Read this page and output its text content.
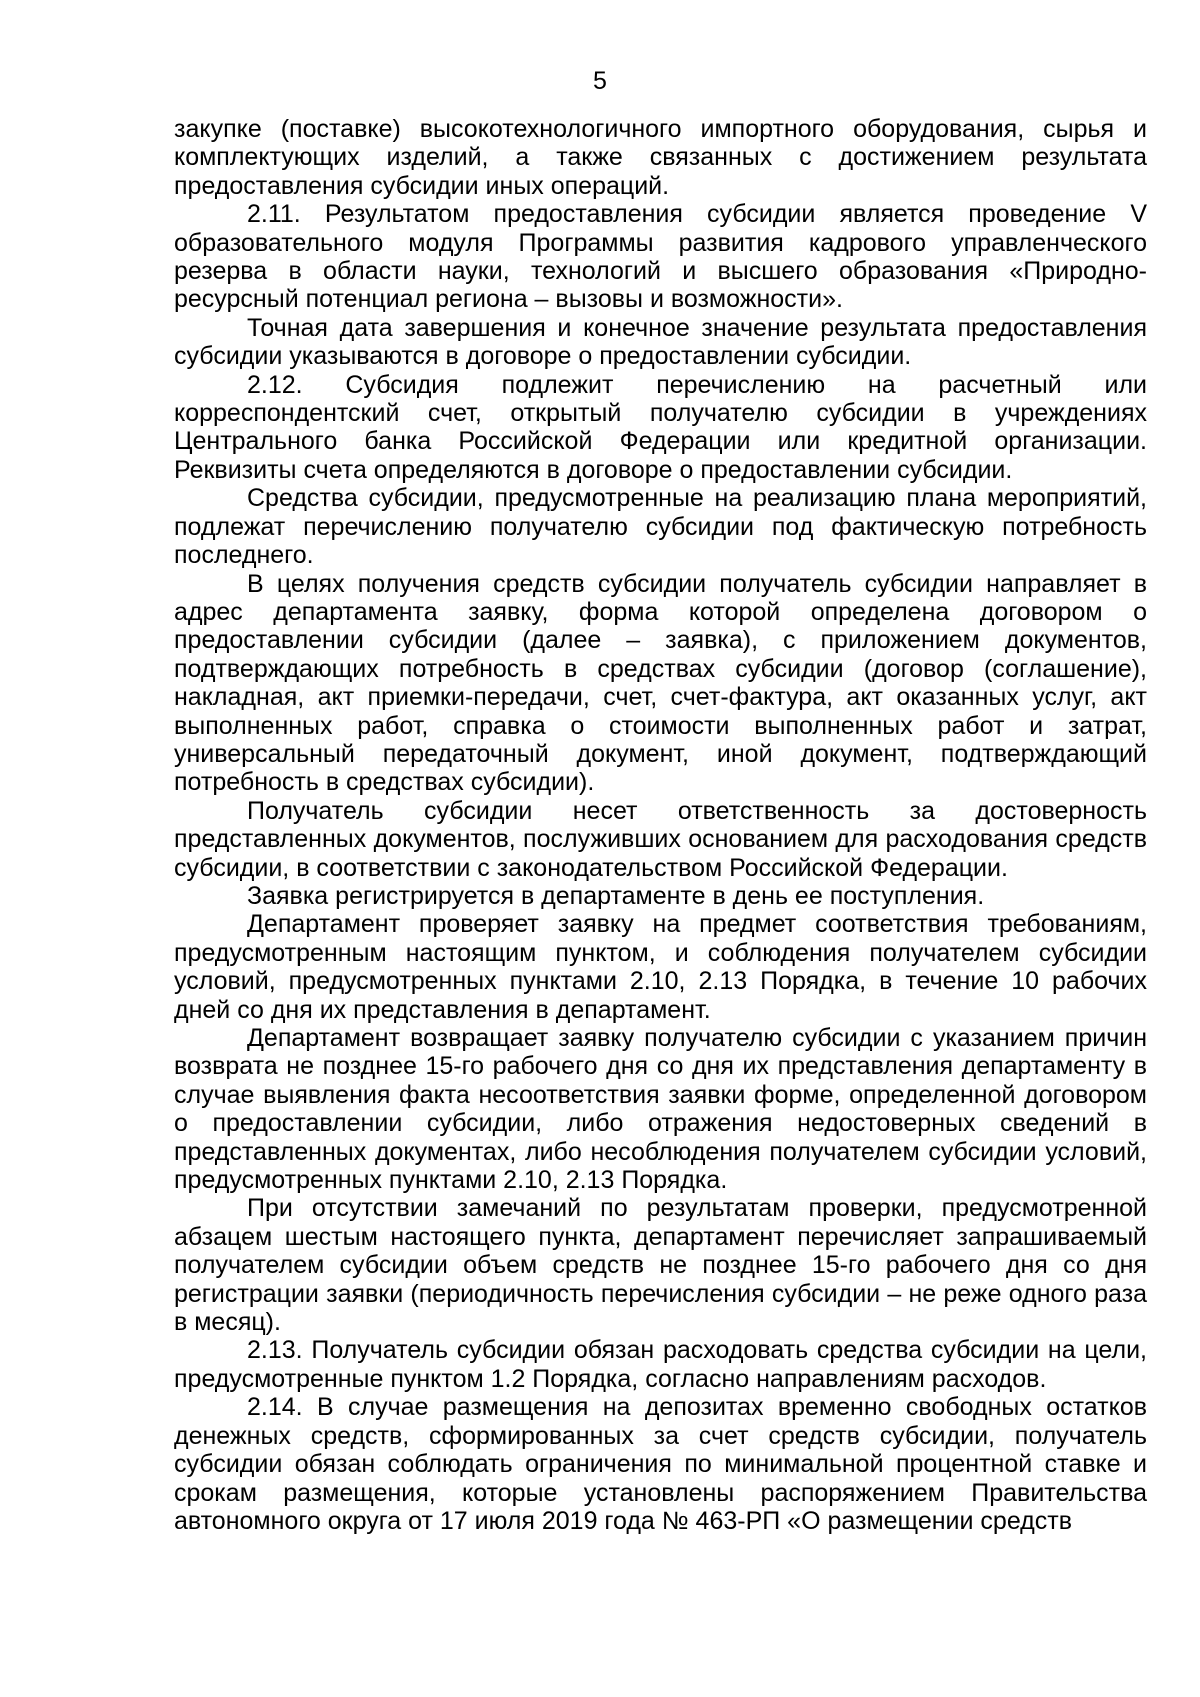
5

закупке (поставке) высокотехнологичного импортного оборудования, сырья и комплектующих изделий, а также связанных с достижением результата предоставления субсидии иных операций.

2.11. Результатом предоставления субсидии является проведение V образовательного модуля Программы развития кадрового управленческого резерва в области науки, технологий и высшего образования «Природно-ресурсный потенциал региона – вызовы и возможности».

Точная дата завершения и конечное значение результата предоставления субсидии указываются в договоре о предоставлении субсидии.

2.12. Субсидия подлежит перечислению на расчетный или корреспондентский счет, открытый получателю субсидии в учреждениях Центрального банка Российской Федерации или кредитной организации. Реквизиты счета определяются в договоре о предоставлении субсидии.

Средства субсидии, предусмотренные на реализацию плана мероприятий, подлежат перечислению получателю субсидии под фактическую потребность последнего.

В целях получения средств субсидии получатель субсидии направляет в адрес департамента заявку, форма которой определена договором о предоставлении субсидии (далее – заявка), с приложением документов, подтверждающих потребность в средствах субсидии (договор (соглашение), накладная, акт приемки-передачи, счет, счет-фактура, акт оказанных услуг, акт выполненных работ, справка о стоимости выполненных работ и затрат, универсальный передаточный документ, иной документ, подтверждающий потребность в средствах субсидии).

Получатель субсидии несет ответственность за достоверность представленных документов, послуживших основанием для расходования средств субсидии, в соответствии с законодательством Российской Федерации.

Заявка регистрируется в департаменте в день ее поступления.

Департамент проверяет заявку на предмет соответствия требованиям, предусмотренным настоящим пунктом, и соблюдения получателем субсидии условий, предусмотренных пунктами 2.10, 2.13 Порядка, в течение 10 рабочих дней со дня их представления в департамент.

Департамент возвращает заявку получателю субсидии с указанием причин возврата не позднее 15-го рабочего дня со дня их представления департаменту в случае выявления факта несоответствия заявки форме, определенной договором о предоставлении субсидии, либо отражения недостоверных сведений в представленных документах, либо несоблюдения получателем субсидии условий, предусмотренных пунктами 2.10, 2.13 Порядка.

При отсутствии замечаний по результатам проверки, предусмотренной абзацем шестым настоящего пункта, департамент перечисляет запрашиваемый получателем субсидии объем средств не позднее 15-го рабочего дня со дня регистрации заявки (периодичность перечисления субсидии – не реже одного раза в месяц).

2.13. Получатель субсидии обязан расходовать средства субсидии на цели, предусмотренные пунктом 1.2 Порядка, согласно направлениям расходов.

2.14. В случае размещения на депозитах временно свободных остатков денежных средств, сформированных за счет средств субсидии, получатель субсидии обязан соблюдать ограничения по минимальной процентной ставке и срокам размещения, которые установлены распоряжением Правительства автономного округа от 17 июля 2019 года № 463-РП «О размещении средств
